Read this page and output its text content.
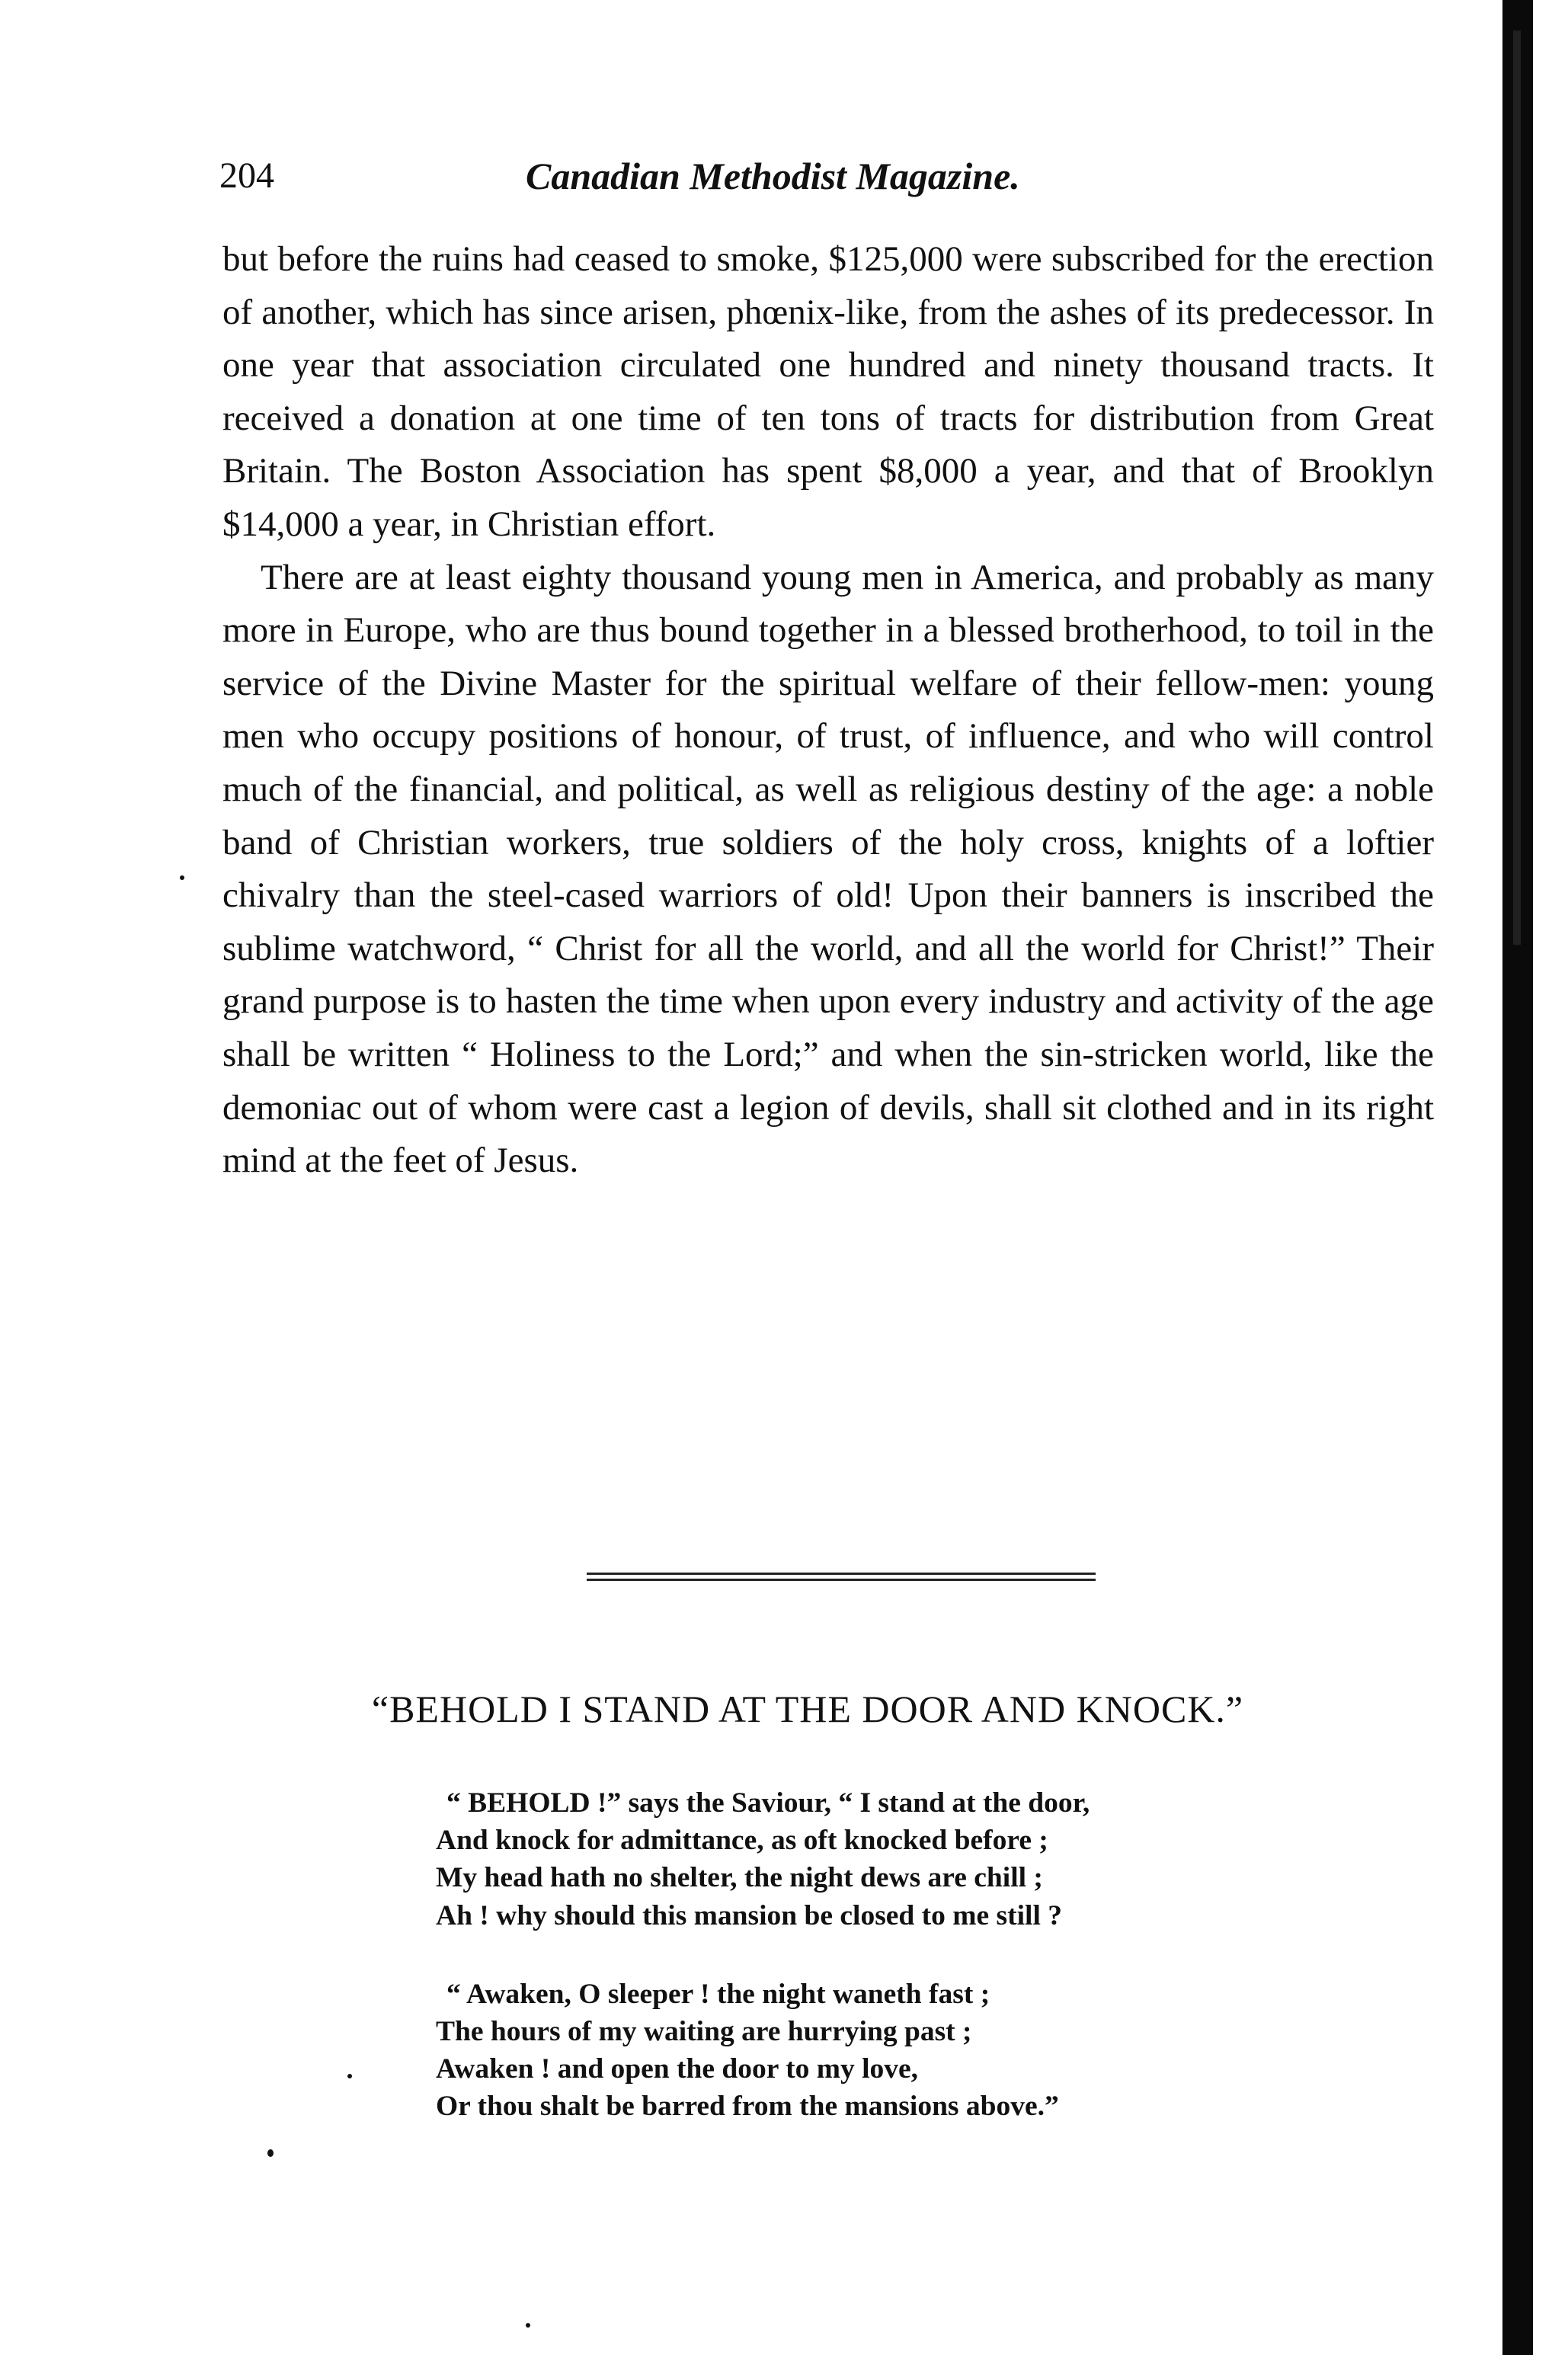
204	Canadian Methodist Magazine.

but before the ruins had ceased to smoke, $125,000 were subscribed for the erection of another, which has since arisen, phœnix-like, from the ashes of its predecessor. In one year that association circulated one hundred and ninety thousand tracts. It received a donation at one time of ten tons of tracts for distribution from Great Britain. The Boston Association has spent $8,000 a year, and that of Brooklyn $14,000 a year, in Christian effort.

There are at least eighty thousand young men in America, and probably as many more in Europe, who are thus bound together in a blessed brotherhood, to toil in the service of the Divine Master for the spiritual welfare of their fellow-men: young men who occupy positions of honour, of trust, of influence, and who will control much of the financial, and political, as well as religious destiny of the age: a noble band of Christian workers, true soldiers of the holy cross, knights of a loftier chivalry than the steel-cased warriors of old! Upon their banners is inscribed the sublime watchword, “ Christ for all the world, and all the world for Christ!” Their grand purpose is to hasten the time when upon every industry and activity of the age shall be written “ Holiness to the Lord;” and when the sin-stricken world, like the demoniac out of whom were cast a legion of devils, shall sit clothed and in its right mind at the feet of Jesus.

“BEHOLD I STAND AT THE DOOR AND KNOCK.”
“ BEHOLD !” says the Saviour, “ I stand at the door,
And knock for admittance, as oft knocked before ;
My head hath no shelter, the night dews are chill ;
Ah ! why should this mansion be closed to me still ?
“ Awaken, O sleeper ! the night waneth fast ;
The hours of my waiting are hurrying past ;
Awaken ! and open the door to my love,
Or thou shalt be barred from the mansions above.”
